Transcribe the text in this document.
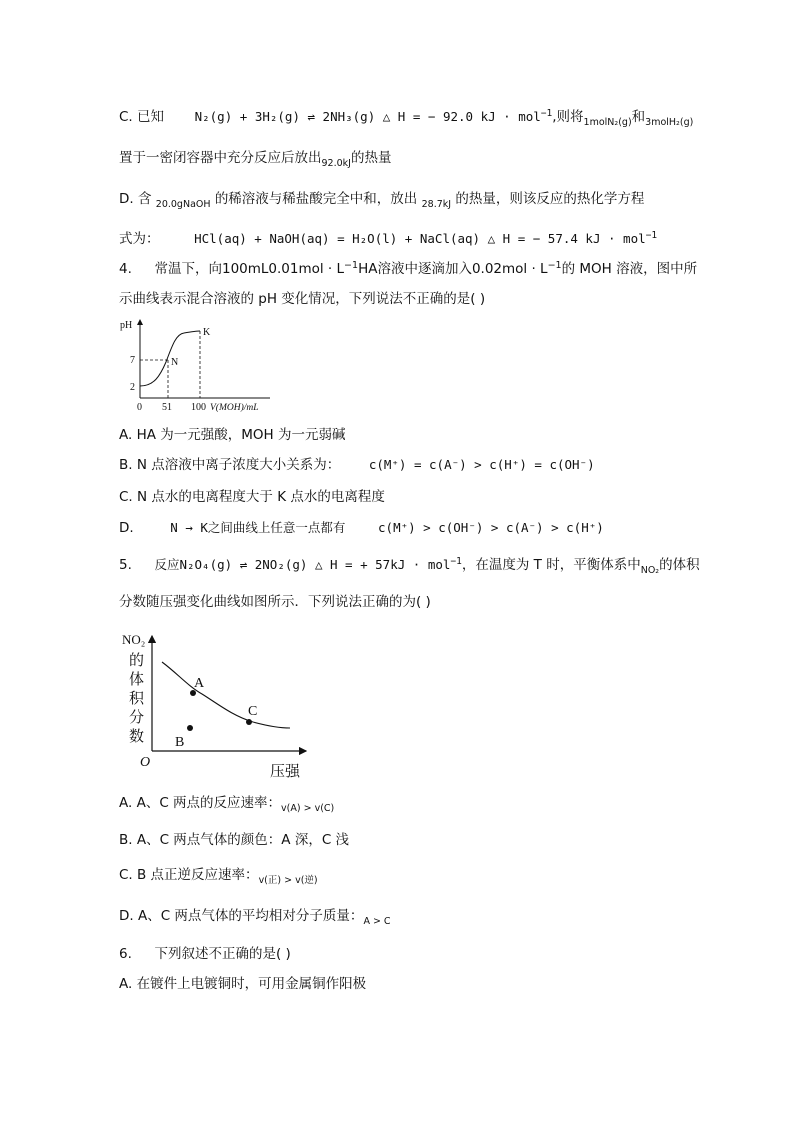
C. 已知 N₂(g) + 3H₂(g) ⇌ 2NH₃(g) △ H = − 92.0 kJ · mol$^{-1}$,则将$_{1molN_2(g)}$和$_{3molH_2(g)}$
置于一密闭容器中充分反应后放出$_{92.0kJ}$的热量
D. 含 $_{20.0gNaOH}$ 的稀溶液与稀盐酸完全中和，放出 $_{28.7kJ}$ 的热量，则该反应的热化学方程
式为：	HCl(aq) + NaOH(aq) = H₂O(l) + NaCl(aq) △ H = − 57.4 kJ · mol$^{-1}$
4. 常温下，向$100mL0.01mol \cdot L^{-1}HA$溶液中逐滴加入$0.02mol \cdot L^{-1}$的 MOH 溶液，图中所
示曲线表示混合溶液的 pH 变化情况，下列说法不正确的是( )
pH
7
2
0 51 100 V(MOH)/mL
N
K
A. HA 为一元强酸，MOH 为一元弱碱
B. N 点溶液中离子浓度大小关系为： c(M⁺) = c(A⁻) > c(H⁺) = c(OH⁻)
C. N 点水的电离程度大于 K 点水的电离程度
D.	N → K之间曲线上任意一点都有	c(M⁺) > c(OH⁻) > c(A⁻) > c(H⁺)
5. 反应N₂O₄(g) ⇌ 2NO₂(g) △ H = + 57kJ · mol$^{-1}$，在温度为 T 时，平衡体系中$_{NO_2}$的体积
分数随压强变化曲线如图所示．下列说法正确的为( )
NO₂
的
体
积
分
数
O
压强
A
B
C
A. A、C 两点的反应速率：$_{v(A) > v(C)}$
B. A、C 两点气体的颜色：A 深，C 浅
C. B 点正逆反应速率：$_{v(正) > v(逆)}$
D. A、C 两点气体的平均相对分子质量：$_{A > C}$
6. 下列叙述不正确的是( )
A. 在镀件上电镀铜时，可用金属铜作阳极
